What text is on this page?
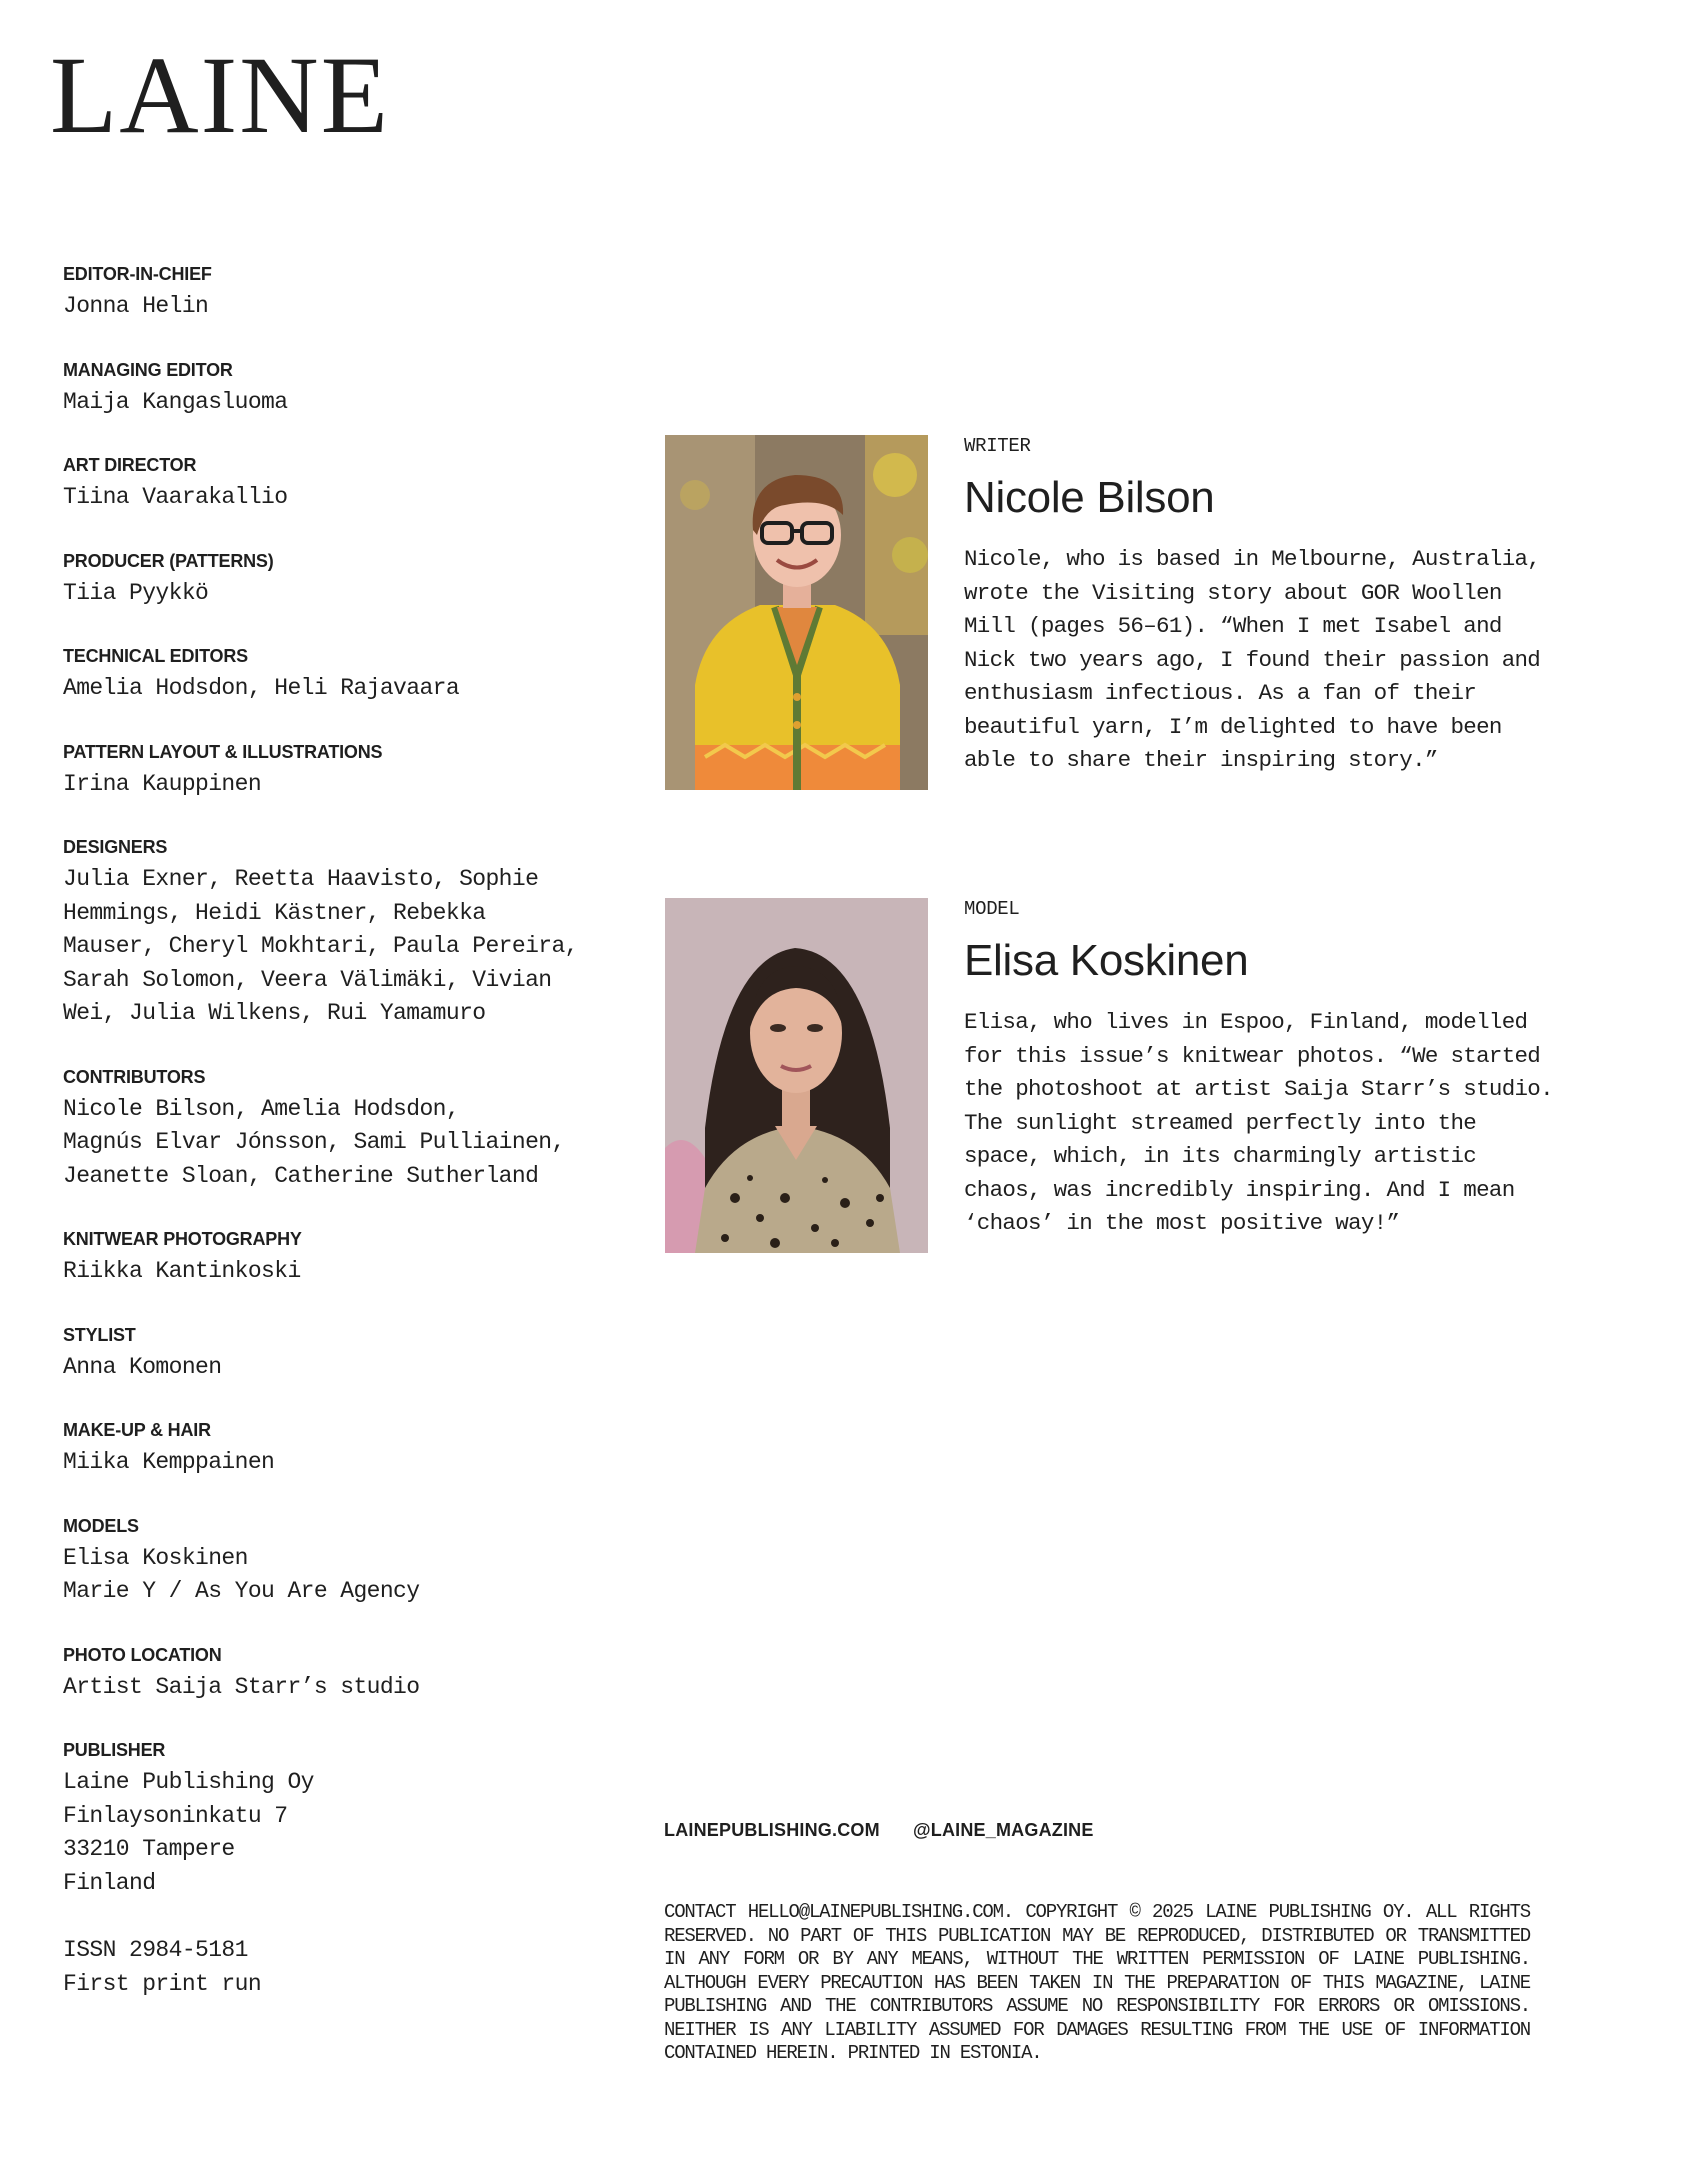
LAINE
EDITOR-IN-CHIEF
Jonna Helin
MANAGING EDITOR
Maija Kangasluoma
ART DIRECTOR
Tiina Vaarakallio
PRODUCER (PATTERNS)
Tiia Pyykkö
TECHNICAL EDITORS
Amelia Hodsdon, Heli Rajavaara
PATTERN LAYOUT & ILLUSTRATIONS
Irina Kauppinen
DESIGNERS
Julia Exner, Reetta Haavisto, Sophie
Hemmings, Heidi Kästner, Rebekka
Mauser, Cheryl Mokhtari, Paula Pereira,
Sarah Solomon, Veera Välimäki, Vivian
Wei, Julia Wilkens, Rui Yamamuro
CONTRIBUTORS
Nicole Bilson, Amelia Hodsdon,
Magnús Elvar Jónsson, Sami Pulliainen,
Jeanette Sloan, Catherine Sutherland
KNITWEAR PHOTOGRAPHY
Riikka Kantinkoski
STYLIST
Anna Komonen
MAKE-UP & HAIR
Miika Kemppainen
MODELS
Elisa Koskinen
Marie Y / As You Are Agency
PHOTO LOCATION
Artist Saija Starr’s studio
PUBLISHER
Laine Publishing Oy
Finlaysoninkatu 7
33210 Tampere
Finland
ISSN 2984-5181
First print run
WRITER
Nicole Bilson

Nicole, who is based in Melbourne, Australia, wrote the Visiting story about GOR Woollen Mill (pages 56–61). “When I met Isabel and Nick two years ago, I found their passion and enthusiasm infectious. As a fan of their beautiful yarn, I’m delighted to have been able to share their inspiring story.”

MODEL
Elisa Koskinen

Elisa, who lives in Espoo, Finland, modelled for this issue’s knitwear photos. “We started the photoshoot at artist Saija Starr’s studio. The sunlight streamed perfectly into the space, which, in its charmingly artistic chaos, was incredibly inspiring. And I mean ‘chaos’ in the most positive way!”

LAINEPUBLISHING.COM @LAINE_MAGAZINE

CONTACT HELLO@LAINEPUBLISHING.COM. COPYRIGHT © 2025 LAINE PUBLISHING OY. ALL RIGHTS RESERVED. NO PART OF THIS PUBLICATION MAY BE REPRODUCED, DISTRIBUTED OR TRANSMITTED IN ANY FORM OR BY ANY MEANS, WITHOUT THE WRITTEN PERMISSION OF LAINE PUBLISHING. ALTHOUGH EVERY PRECAUTION HAS BEEN TAKEN IN THE PREPARATION OF THIS MAGAZINE, LAINE PUBLISHING AND THE CONTRIBUTORS ASSUME NO RESPONSIBILITY FOR ERRORS OR OMISSIONS. NEITHER IS ANY LIABILITY ASSUMED FOR DAMAGES RESULTING FROM THE USE OF INFORMATION CONTAINED HEREIN. PRINTED IN ESTONIA.
